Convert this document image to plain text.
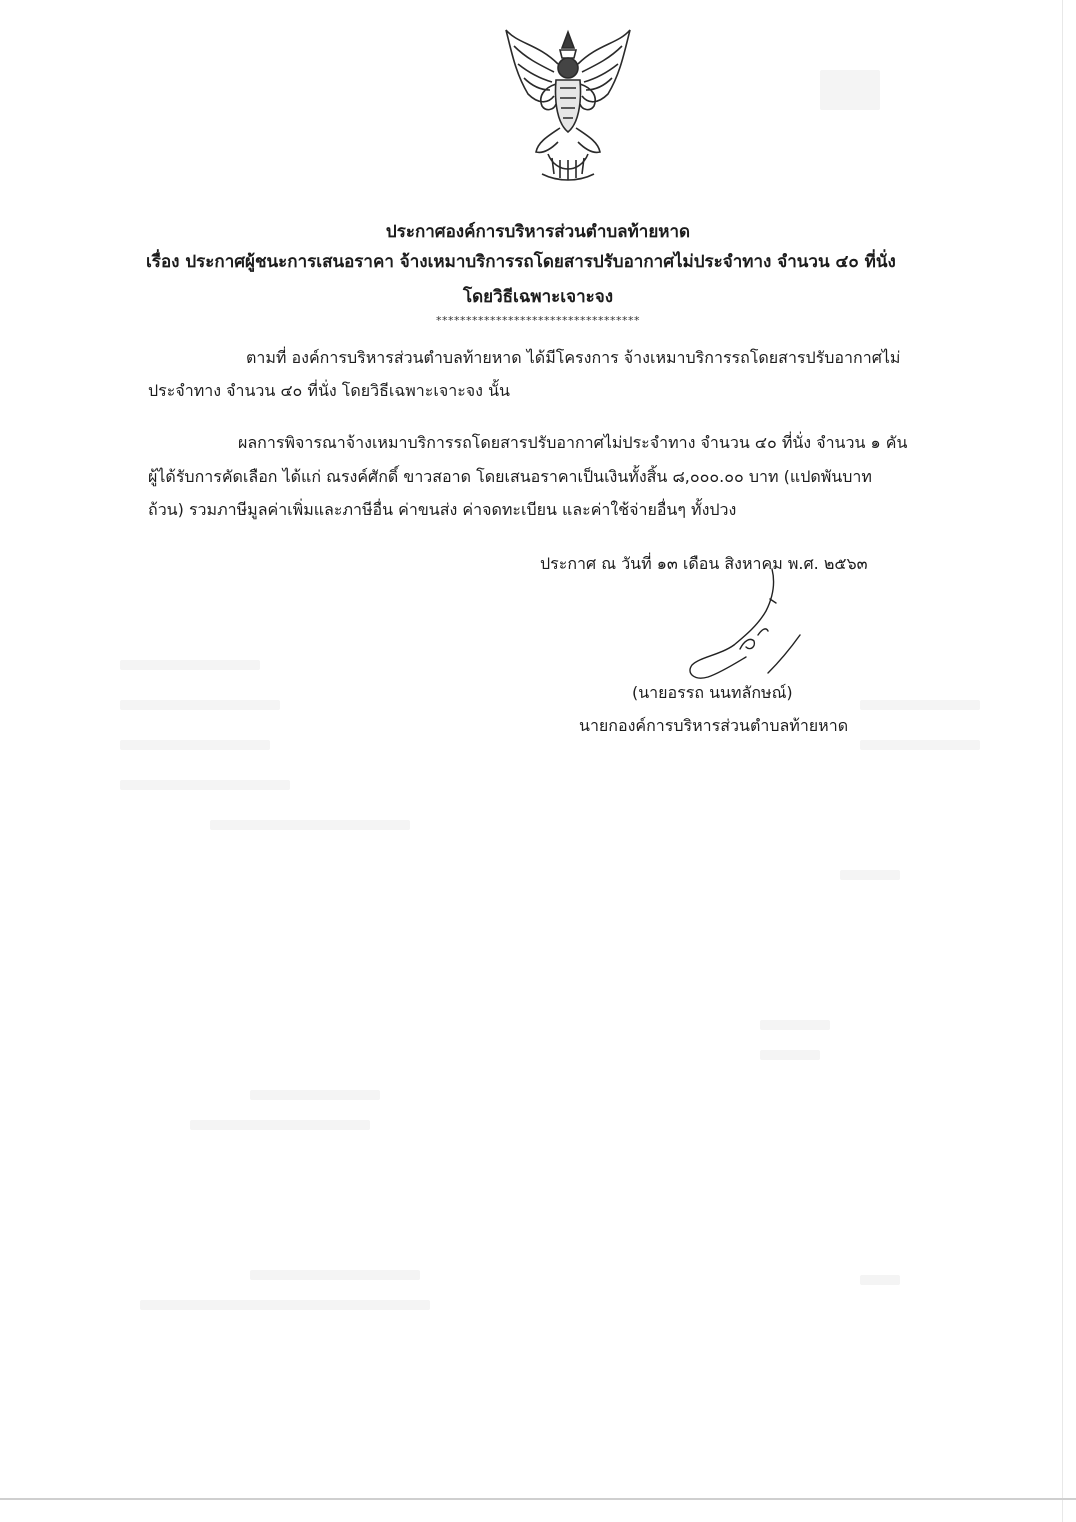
ประกาศองค์การบริหารส่วนตำบลท้ายหาด
เรื่อง ประกาศผู้ชนะการเสนอราคา จ้างเหมาบริการรถโดยสารปรับอากาศไม่ประจำทาง จำนวน ๔๐ ที่นั่ง
โดยวิธีเฉพาะเจาะจง
**********************************
ตามที่ องค์การบริหารส่วนตำบลท้ายหาด ได้มีโครงการ จ้างเหมาบริการรถโดยสารปรับอากาศไม่
ประจำทาง จำนวน ๔๐ ที่นั่ง โดยวิธีเฉพาะเจาะจง นั้น
ผลการพิจารณาจ้างเหมาบริการรถโดยสารปรับอากาศไม่ประจำทาง จำนวน ๔๐ ที่นั่ง จำนวน ๑ คัน
ผู้ได้รับการคัดเลือก ได้แก่ ณรงค์ศักดิ์ ขาวสอาด โดยเสนอราคาเป็นเงินทั้งสิ้น ๘,๐๐๐.๐๐ บาท (แปดพันบาท
ถ้วน) รวมภาษีมูลค่าเพิ่มและภาษีอื่น ค่าขนส่ง ค่าจดทะเบียน และค่าใช้จ่ายอื่นๆ ทั้งปวง
ประกาศ ณ วันที่ ๑๓ เดือน สิงหาคม พ.ศ. ๒๕๖๓
(นายอรรถ นนทลักษณ์)
นายกองค์การบริหารส่วนตำบลท้ายหาด
